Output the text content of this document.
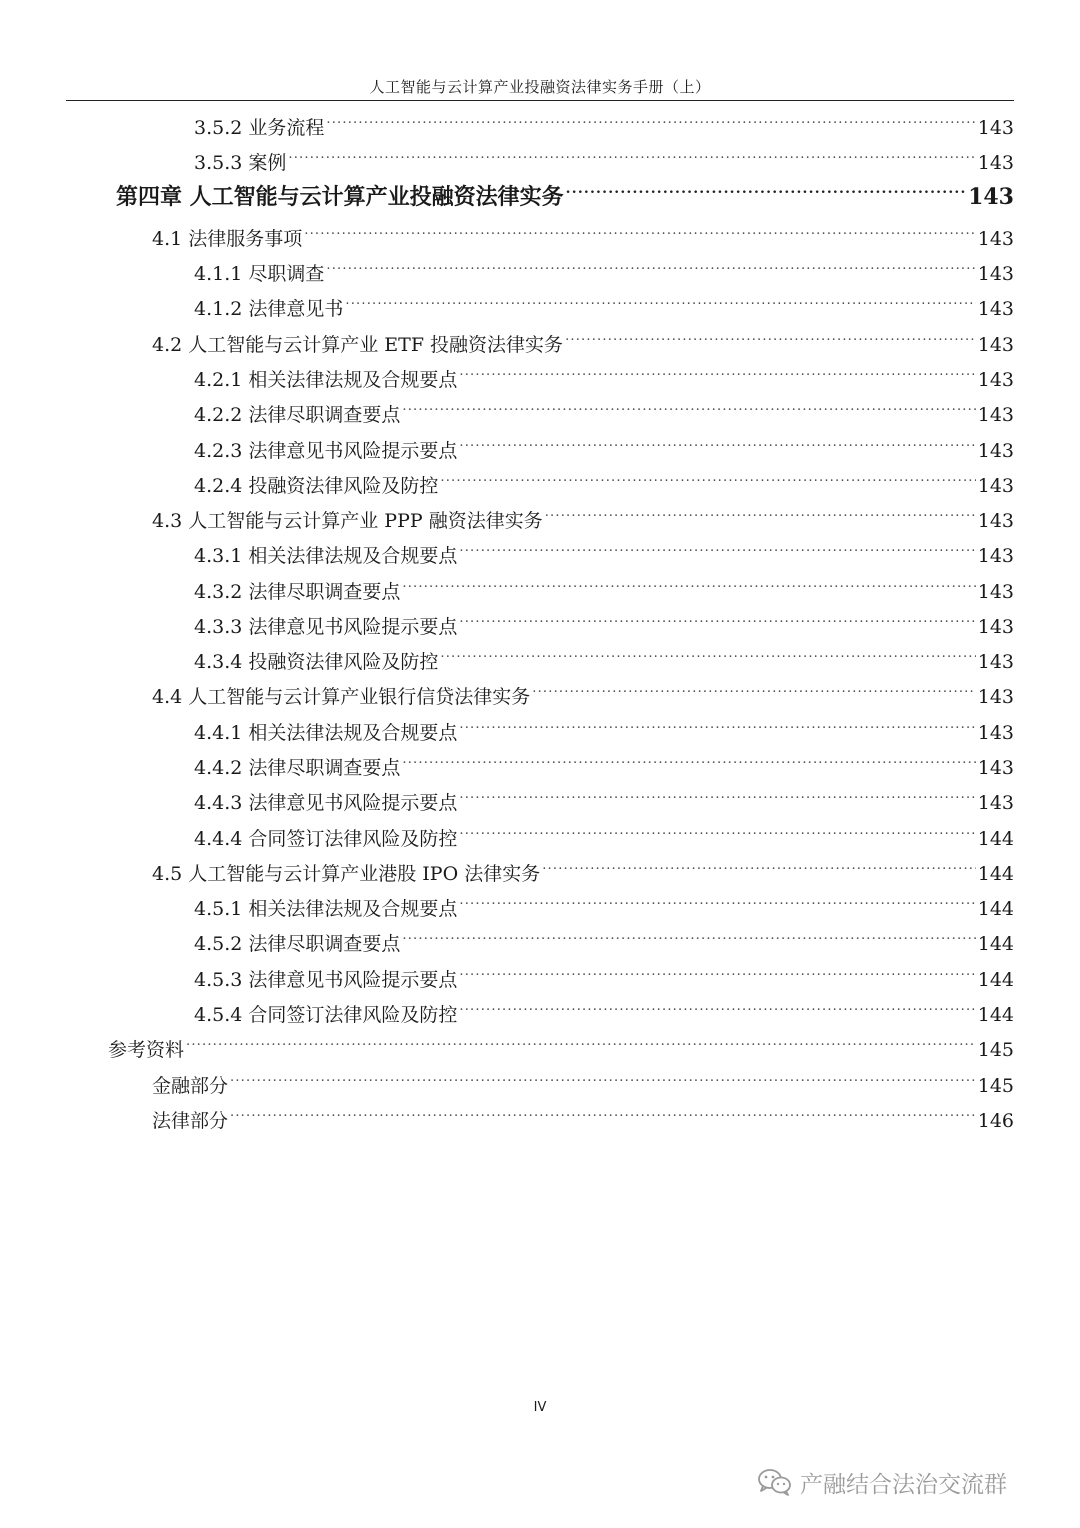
人工智能与云计算产业投融资法律实务手册（上）
3.5.2 业务流程 .....	143
3.5.3 案例 .....	143
第四章 人工智能与云计算产业投融资法律实务 .....	143
4.1 法律服务事项 .....	143
4.1.1 尽职调查 .....	143
4.1.2 法律意见书 .....	143
4.2 人工智能与云计算产业 ETF 投融资法律实务 .....	143
4.2.1 相关法律法规及合规要点 .....	143
4.2.2 法律尽职调查要点 .....	143
4.2.3 法律意见书风险提示要点 .....	143
4.2.4 投融资法律风险及防控 .....	143
4.3 人工智能与云计算产业 PPP 融资法律实务 .....	143
4.3.1 相关法律法规及合规要点 .....	143
4.3.2 法律尽职调查要点 .....	143
4.3.3 法律意见书风险提示要点 .....	143
4.3.4 投融资法律风险及防控 .....	143
4.4 人工智能与云计算产业银行信贷法律实务 .....	143
4.4.1 相关法律法规及合规要点 .....	143
4.4.2 法律尽职调查要点 .....	143
4.4.3 法律意见书风险提示要点 .....	143
4.4.4 合同签订法律风险及防控 .....	144
4.5 人工智能与云计算产业港股 IPO 法律实务 .....	144
4.5.1 相关法律法规及合规要点 .....	144
4.5.2 法律尽职调查要点 .....	144
4.5.3 法律意见书风险提示要点 .....	144
4.5.4 合同签订法律风险及防控 .....	144
参考资料 .....	145
金融部分 .....	145
法律部分 .....	146
IV
产融结合法治交流群
